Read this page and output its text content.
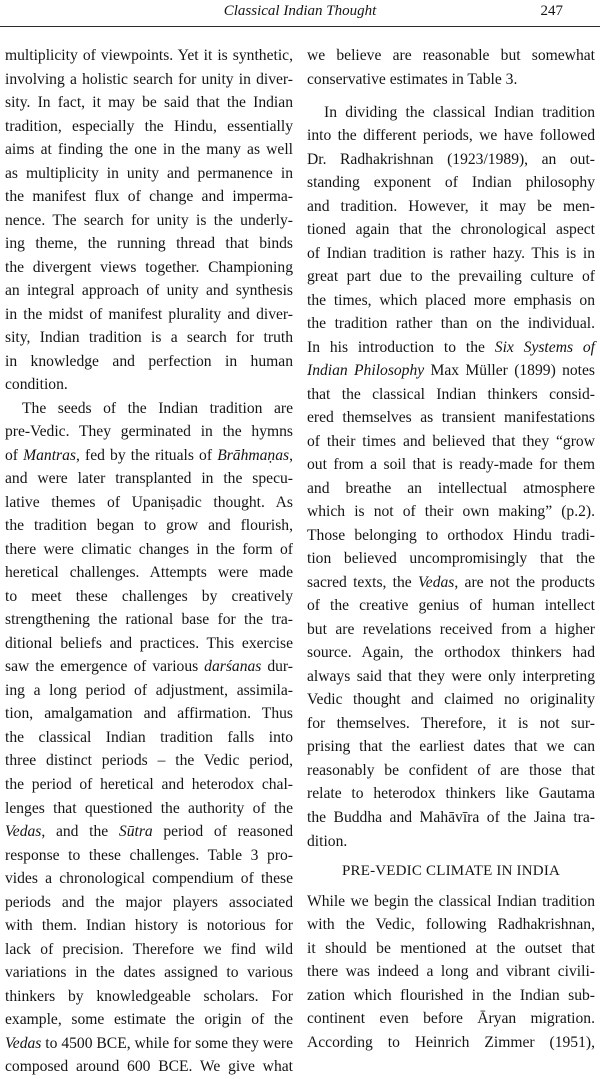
Classical Indian Thought	247
multiplicity of viewpoints. Yet it is synthetic,
involving a holistic search for unity in diver-
sity. In fact, it may be said that the Indian
tradition, especially the Hindu, essentially
aims at finding the one in the many as well
as multiplicity in unity and permanence in
the manifest flux of change and imperma-
nence. The search for unity is the underly-
ing theme, the running thread that binds
the divergent views together. Championing
an integral approach of unity and synthesis
in the midst of manifest plurality and diver-
sity, Indian tradition is a search for truth
in knowledge and perfection in human
condition.
The seeds of the Indian tradition are
pre-Vedic. They germinated in the hymns
of Mantras, fed by the rituals of Brāhmaṇas,
and were later transplanted in the specu-
lative themes of Upaniṣadic thought. As
the tradition began to grow and flourish,
there were climatic changes in the form of
heretical challenges. Attempts were made
to meet these challenges by creatively
strengthening the rational base for the tra-
ditional beliefs and practices. This exercise
saw the emergence of various darśanas dur-
ing a long period of adjustment, assimila-
tion, amalgamation and affirmation. Thus
the classical Indian tradition falls into
three distinct periods – the Vedic period,
the period of heretical and heterodox chal-
lenges that questioned the authority of the
Vedas, and the Sūtra period of reasoned
response to these challenges. Table 3 pro-
vides a chronological compendium of these
periods and the major players associated
with them. Indian history is notorious for
lack of precision. Therefore we find wild
variations in the dates assigned to various
thinkers by knowledgeable scholars. For
example, some estimate the origin of the
Vedas to 4500 BCE, while for some they were
composed around 600 BCE. We give what
we believe are reasonable but somewhat
conservative estimates in Table 3.
In dividing the classical Indian tradition
into the different periods, we have followed
Dr. Radhakrishnan (1923/1989), an out-
standing exponent of Indian philosophy
and tradition. However, it may be men-
tioned again that the chronological aspect
of Indian tradition is rather hazy. This is in
great part due to the prevailing culture of
the times, which placed more emphasis on
the tradition rather than on the individual.
In his introduction to the Six Systems of
Indian Philosophy Max Müller (1899) notes
that the classical Indian thinkers consid-
ered themselves as transient manifestations
of their times and believed that they “grow
out from a soil that is ready-made for them
and breathe an intellectual atmosphere
which is not of their own making” (p.2).
Those belonging to orthodox Hindu tradi-
tion believed uncompromisingly that the
sacred texts, the Vedas, are not the products
of the creative genius of human intellect
but are revelations received from a higher
source. Again, the orthodox thinkers had
always said that they were only interpreting
Vedic thought and claimed no originality
for themselves. Therefore, it is not sur-
prising that the earliest dates that we can
reasonably be confident of are those that
relate to heterodox thinkers like Gautama
the Buddha and Mahāvīra of the Jaina tra-
dition.
PRE-VEDIC CLIMATE IN INDIA
While we begin the classical Indian tradition
with the Vedic, following Radhakrishnan,
it should be mentioned at the outset that
there was indeed a long and vibrant civili-
zation which flourished in the Indian sub-
continent even before Āryan migration.
According to Heinrich Zimmer (1951),
